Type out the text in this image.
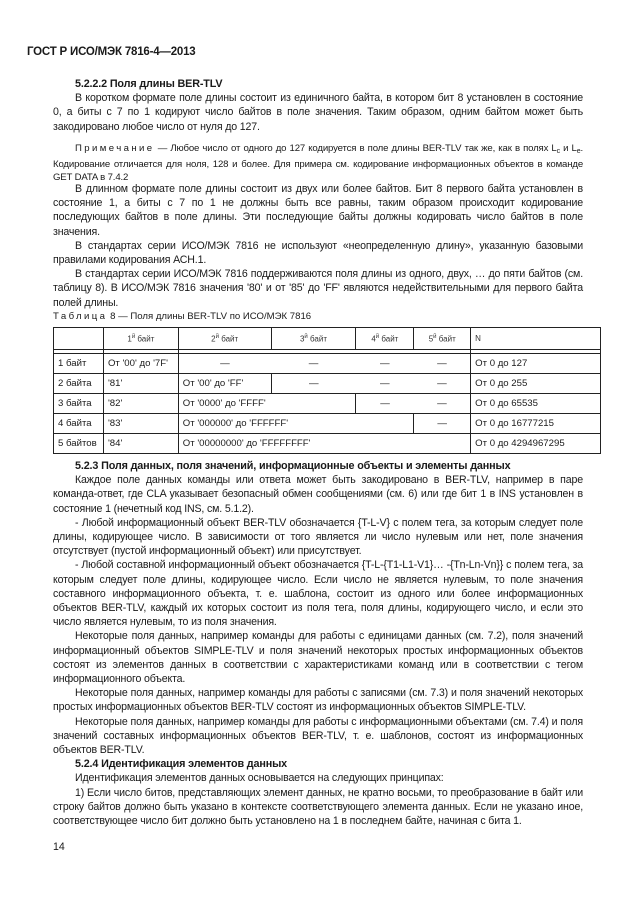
ГОСТ Р ИСО/МЭК 7816-4—2013
5.2.2.2 Поля длины BER-TLV
В коротком формате поле длины состоит из единичного байта, в котором бит 8 установлен в состояние 0, а биты с 7 по 1 кодируют число байтов в поле значения. Таким образом, одним байтом может быть закодировано любое число от нуля до 127.
Примечание — Любое число от одного до 127 кодируется в поле длины BER-TLV так же, как в полях $L_c$ и $L_e$. Кодирование отличается для ноля, 128 и более. Для примера см. кодирование информационных объектов в команде GET DATA в 7.4.2
В длинном формате поле длины состоит из двух или более байтов. Бит 8 первого байта установлен в состояние 1, а биты с 7 по 1 не должны быть все равны, таким образом происходит кодирование последующих байтов в поле длины. Эти последующие байты должны кодировать число байтов в поле значения.
В стандартах серии ИСО/МЭК 7816 не используют «неопределенную длину», указанную базовыми правилами кодирования АСН.1.
В стандартах серии ИСО/МЭК 7816 поддерживаются поля длины из одного, двух, … до пяти байтов (см. таблицу 8). В ИСО/МЭК 7816 значения '80' и от '85' до 'FF' являются недействительными для первого байта полей длины.
Таблица 8 — Поля длины BER-TLV по ИСО/МЭК 7816
	$1^й$ байт	$2^й$ байт	$3^й$ байт	$4^й$ байт	$5^й$ байт	N

1 байт	От '00' до '7F'	—	—	—	—	От 0 до 127
2 байта	'81'	От '00' до 'FF'	—	—	—	От 0 до 255
3 байта	'82'	От '0000' до 'FFFF'		—	—	От 0 до 65535
4 байта	'83'	От '000000' до 'FFFFFF'			—	От 0 до 16777215
5 байтов	'84'	От '00000000' до 'FFFFFFFF'				От 0 до 4294967295
5.2.3 Поля данных, поля значений, информационные объекты и элементы данных
Каждое поле данных команды или ответа может быть закодировано в BER-TLV, например в паре команда-ответ, где CLA указывает безопасный обмен сообщениями (см. 6) или где бит 1 в INS установлен в состояние 1 (нечетный код INS, см. 5.1.2).
- Любой информационный объект BER-TLV обозначается {T-L-V} с полем тега, за которым следует поле длины, кодирующее число. В зависимости от того является ли число нулевым или нет, поле значения отсутствует (пустой информационный объект) или присутствует.
- Любой составной информационный объект обозначается {T-L-{T1-L1-V1}… -{Tn-Ln-Vn}} с полем тега, за которым следует поле длины, кодирующее число. Если число не является нулевым, то поле значения составного информационного объекта, т. е. шаблона, состоит из одного или более информационных объектов BER-TLV, каждый их которых состоит из поля тега, поля длины, кодирующего число, и если это число является нулевым, то из поля значения.
Некоторые поля данных, например команды для работы с единицами данных (см. 7.2), поля значений информационный объектов SIMPLE-TLV и поля значений некоторых простых информационных объектов состоят из элементов данных в соответствии с характеристиками команд или в соответствии с тегом информационного объекта.
Некоторые поля данных, например команды для работы с записями (см. 7.3) и поля значений некоторых простых информационных объектов BER-TLV состоят из информационных объектов SIMPLE-TLV.
Некоторые поля данных, например команды для работы с информационными объектами (см. 7.4) и поля значений составных информационных объектов BER-TLV, т. е. шаблонов, состоят из информационных объектов BER-TLV.
5.2.4 Идентификация элементов данных
Идентификация элементов данных основывается на следующих принципах:
1) Если число битов, представляющих элемент данных, не кратно восьми, то преобразование в байт или строку байтов должно быть указано в контексте соответствующего элемента данных. Если не указано иное, соответствующее число бит должно быть установлено на 1 в последнем байте, начиная с бита 1.
14
